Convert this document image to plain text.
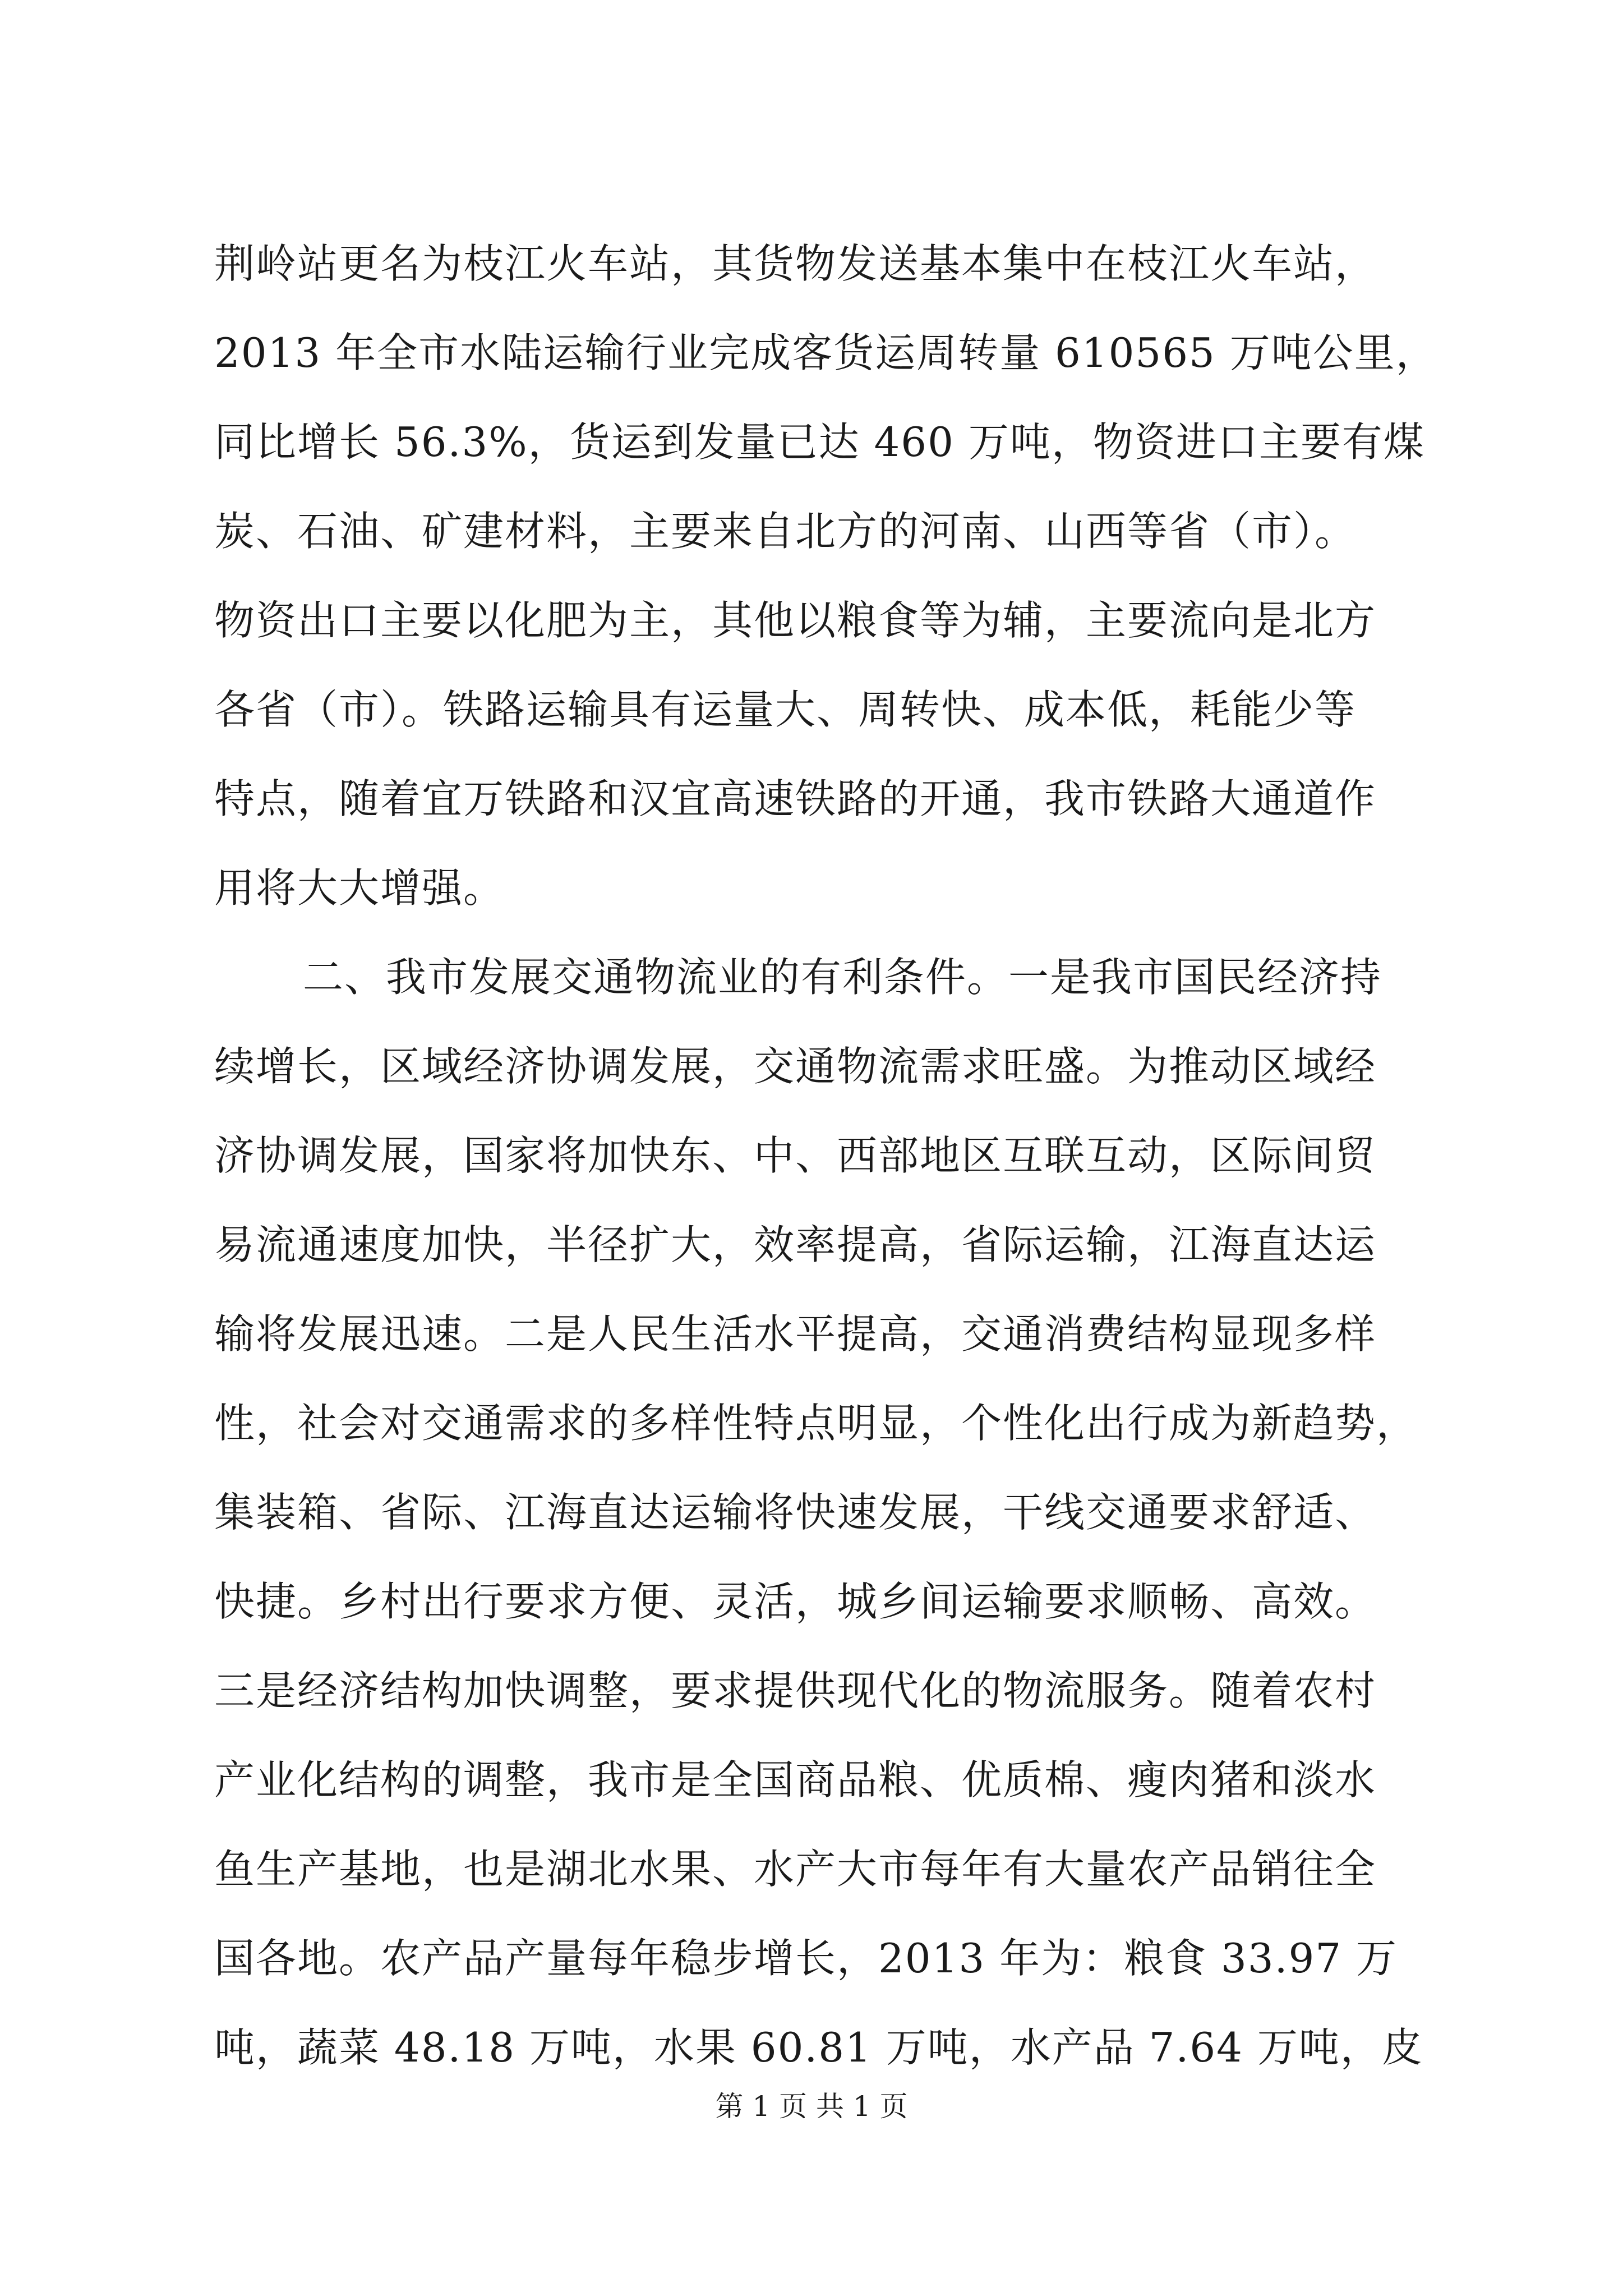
荆岭站更名为枝江火车站，其货物发送基本集中在枝江火车站，
2013 年全市水陆运输行业完成客货运周转量 610565 万吨公里，
同比增长 56.3%，货运到发量已达 460 万吨，物资进口主要有煤
炭、石油、矿建材料，主要来自北方的河南、山西等省（市）。
物资出口主要以化肥为主，其他以粮食等为辅，主要流向是北方
各省（市）。铁路运输具有运量大、周转快、成本低，耗能少等
特点，随着宜万铁路和汉宜高速铁路的开通，我市铁路大通道作
用将大大增强。
二、我市发展交通物流业的有利条件。一是我市国民经济持
续增长，区域经济协调发展，交通物流需求旺盛。为推动区域经
济协调发展，国家将加快东、中、西部地区互联互动，区际间贸
易流通速度加快，半径扩大，效率提高，省际运输，江海直达运
输将发展迅速。二是人民生活水平提高，交通消费结构显现多样
性，社会对交通需求的多样性特点明显，个性化出行成为新趋势，
集装箱、省际、江海直达运输将快速发展，干线交通要求舒适、
快捷。乡村出行要求方便、灵活，城乡间运输要求顺畅、高效。
三是经济结构加快调整，要求提供现代化的物流服务。随着农村
产业化结构的调整，我市是全国商品粮、优质棉、瘦肉猪和淡水
鱼生产基地，也是湖北水果、水产大市每年有大量农产品销往全
国各地。农产品产量每年稳步增长，2013 年为：粮食 33.97 万
吨，蔬菜 48.18 万吨，水果 60.81 万吨，水产品 7.64 万吨，皮
第 1 页 共 1 页
